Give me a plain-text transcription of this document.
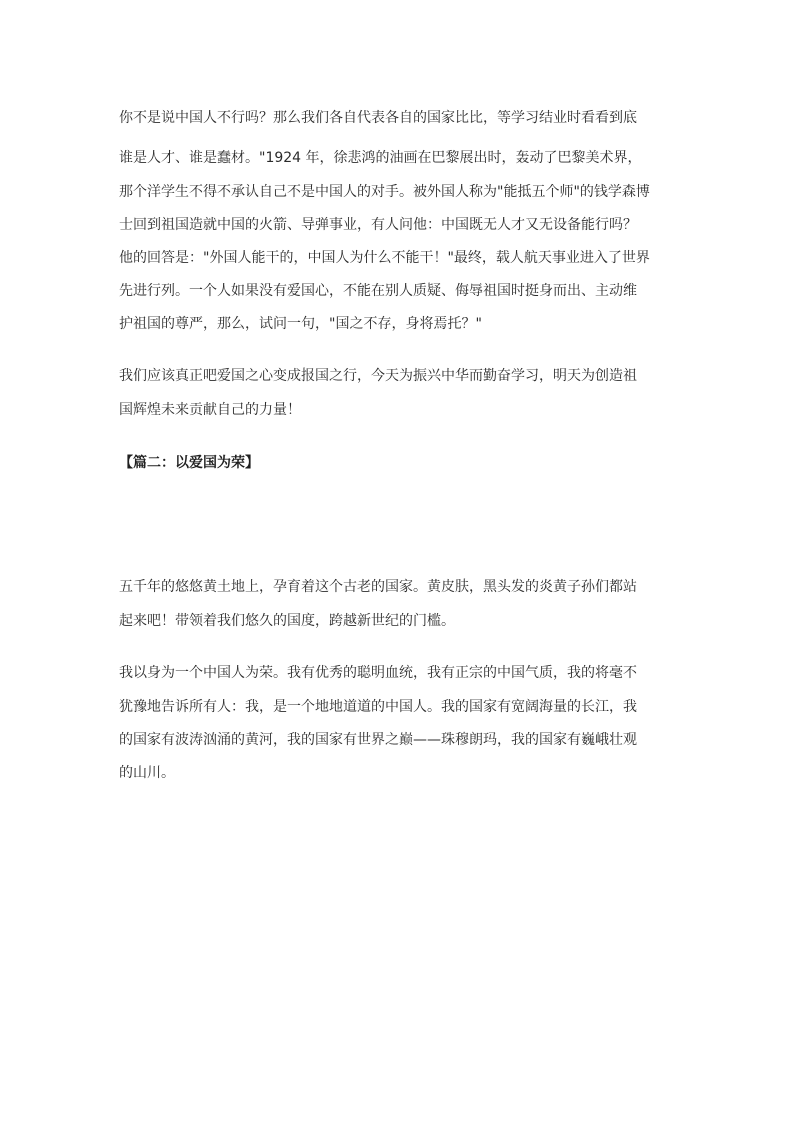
你不是说中国人不行吗？那么我们各自代表各自的国家比比，等学习结业时看看到底
谁是人才、谁是蠢材。"1924 年，徐悲鸿的油画在巴黎展出时，轰动了巴黎美术界，
那个洋学生不得不承认自己不是中国人的对手。被外国人称为"能抵五个师"的钱学森博
士回到祖国造就中国的火箭、导弹事业，有人问他：中国既无人才又无设备能行吗？
他的回答是："外国人能干的，中国人为什么不能干！"最终，载人航天事业进入了世界
先进行列。一个人如果没有爱国心，不能在别人质疑、侮辱祖国时挺身而出、主动维
护祖国的尊严，那么，试问一句，"国之不存，身将焉托？"
我们应该真正吧爱国之心变成报国之行，今天为振兴中华而勤奋学习，明天为创造祖
国辉煌未来贡献自己的力量！
【篇二：以爱国为荣】
五千年的悠悠黄土地上，孕育着这个古老的国家。黄皮肤，黑头发的炎黄子孙们都站
起来吧！带领着我们悠久的国度，跨越新世纪的门槛。
我以身为一个中国人为荣。我有优秀的聪明血统，我有正宗的中国气质，我的将毫不
犹豫地告诉所有人：我，是一个地地道道的中国人。我的国家有宽阔海量的长江，我
的国家有波涛汹涌的黄河，我的国家有世界之巅——珠穆朗玛，我的国家有巍峨壮观
的山川。
